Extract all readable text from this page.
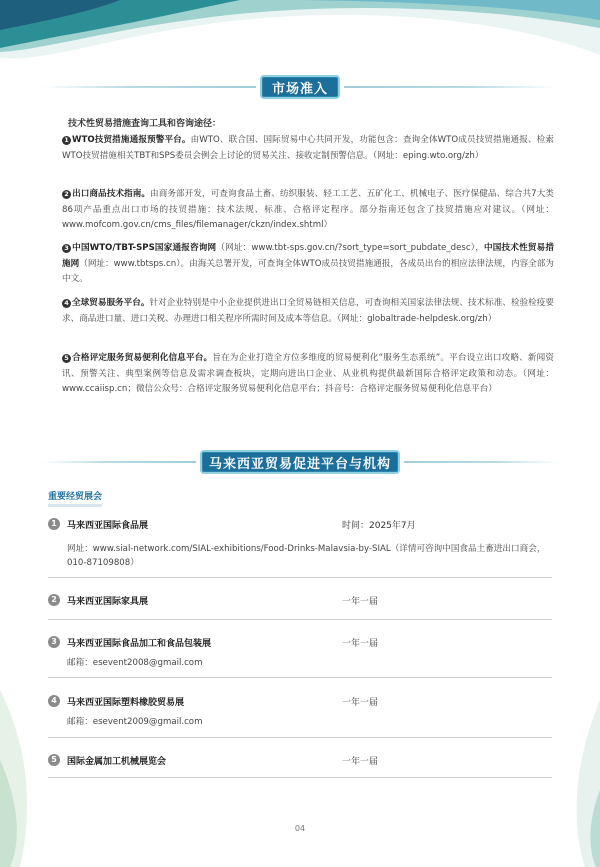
市场准入
技术性贸易措施查询工具和咨询途径：
1 WTO技贸措施通报预警平台。由WTO、联合国、国际贸易中心共同开发，功能包含：查询全体WTO成员技贸措施通报、检索WTO技贸措施相关TBT和SPS委员会例会上讨论的贸易关注、接收定制预警信息。（网址：eping.wto.org/zh）
2 出口商品技术指南。由商务部开发，可查询食品土畜、纺织服装、轻工工艺、五矿化工、机械电子、医疗保健品、综合共7大类86项产品重点出口市场的技贸措施：技术法规、标准、合格评定程序。部分指南还包含了技贸措施应对建议。（网址：www.mofcom.gov.cn/cms_files/filemanager/ckzn/index.shtml）
3 中国WTO/TBT-SPS国家通报咨询网（网址：www.tbt-sps.gov.cn/?sort_type=sort_pubdate_desc），中国技术性贸易措施网（网址：www.tbtsps.cn）。由海关总署开发，可查询全体WTO成员技贸措施通报，各成员出台的相应法律法规，内容全部为中文。
4 全球贸易服务平台。针对企业特别是中小企业提供进出口全贸易链相关信息，可查询相关国家法律法规、技术标准、检验检疫要求、商品进口量、进口关税、办理进口相关程序所需时间及成本等信息。（网址：globaltrade-helpdesk.org/zh）
5 合格评定服务贸易便利化信息平台。旨在为企业打造全方位多维度的贸易便利化“服务生态系统”。平台设立出口攻略、新闻资讯、预警关注、典型案例等信息及需求调查板块，定期向进出口企业、从业机构提供最新国际合格评定政策和动态。（网址：www.ccaiisp.cn；微信公众号：合格评定服务贸易便利化信息平台；抖音号：合格评定服务贸易便利化信息平台）
马来西亚贸易促进平台与机构
重要经贸展会
1	马来西亚国际食品展	时间：2025年7月
网址：www.sial-network.com/SIAL-exhibitions/Food-Drinks-Malavsia-by-SIAL（详情可咨询中国食品土畜进出口商会，010-87109808）
2	马来西亚国际家具展	一年一届
3	马来西亚国际食品加工和食品包装展	一年一届
邮箱：esevent2008@gmail.com
4	马来西亚国际塑料橡胶贸易展	一年一届
邮箱：esevent2009@gmail.com
5	国际金属加工机械展览会	一年一届
04
